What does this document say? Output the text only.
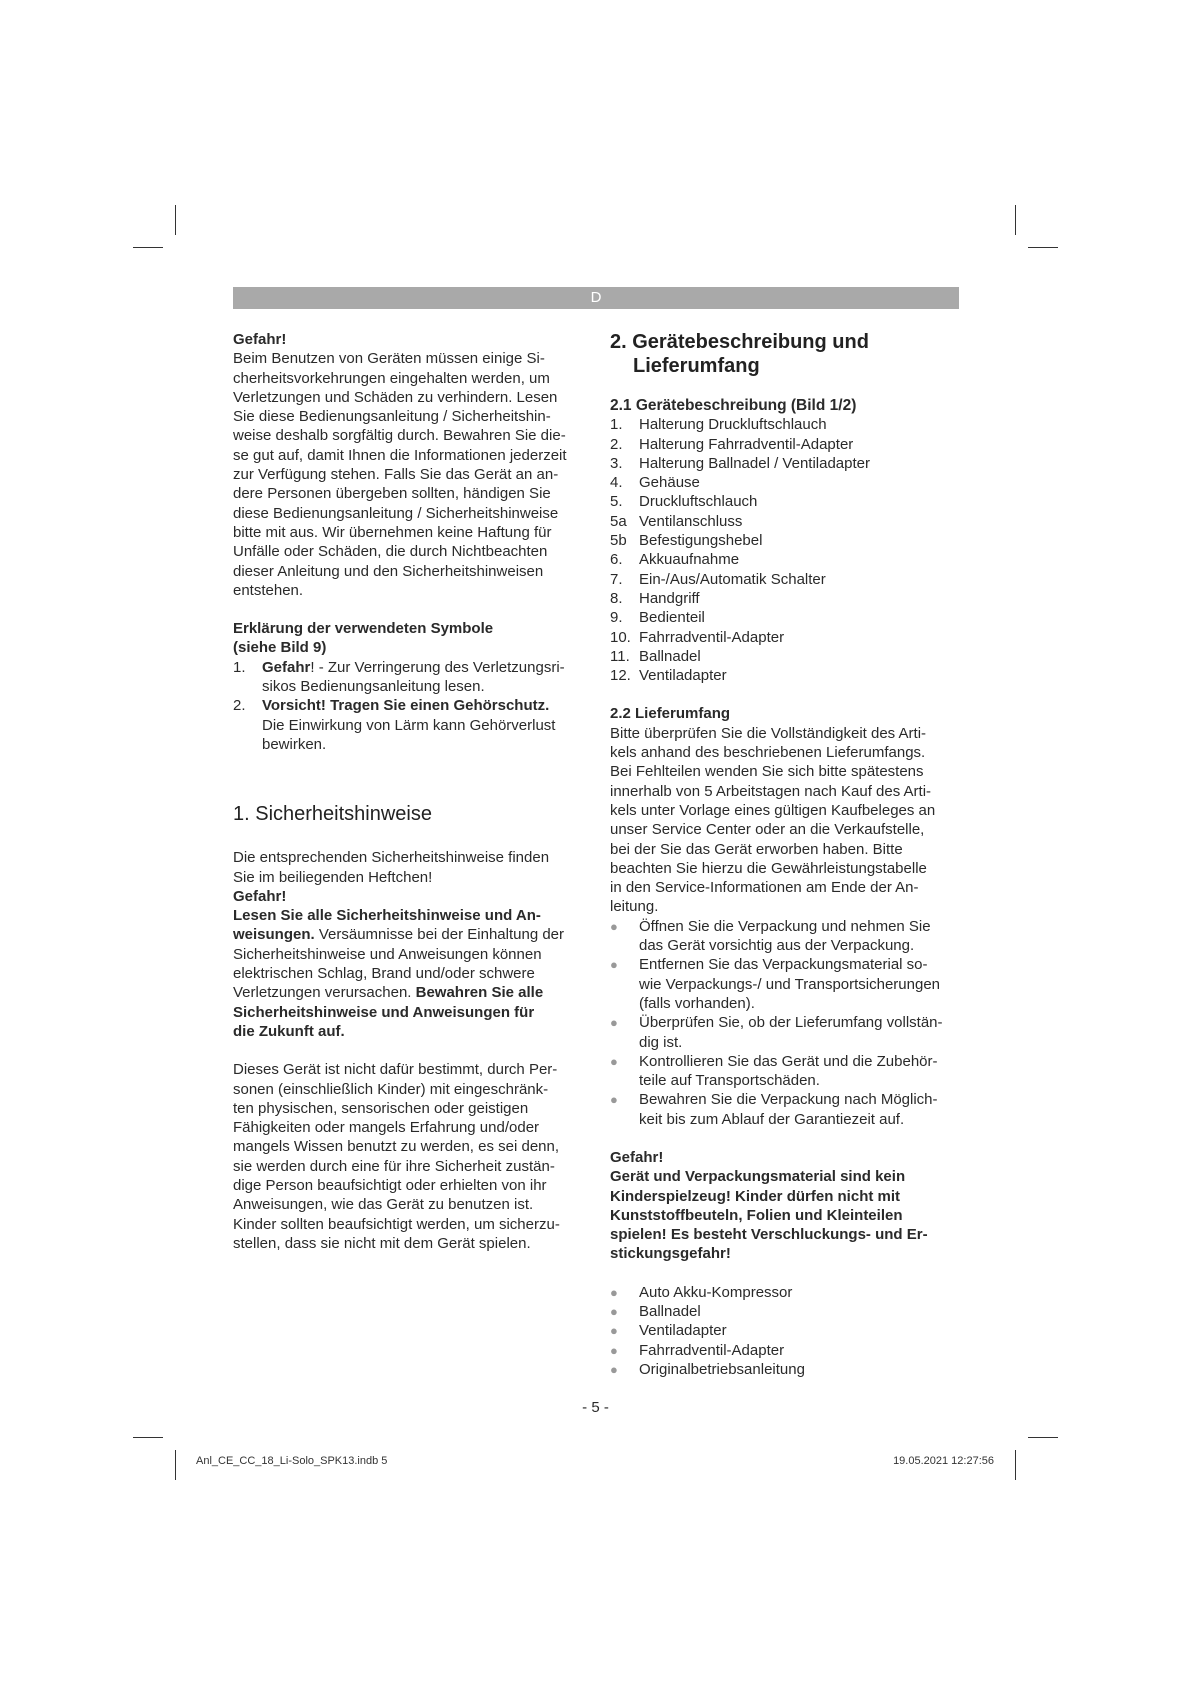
D

Gefahr!

Beim Benutzen von Geräten müssen einige Si-

cherheitsvorkehrungen eingehalten werden, um

Verletzungen und Schäden zu verhindern. Lesen

Sie diese Bedienungsanleitung / Sicherheitshin-

weise deshalb sorgfältig durch. Bewahren Sie die-

se gut auf, damit Ihnen die Informationen jederzeit

zur Verfügung stehen. Falls Sie das Gerät an an-

dere Personen übergeben sollten, händigen Sie

diese Bedienungsanleitung / Sicherheitshinweise

bitte mit aus. Wir übernehmen keine Haftung für

Unfälle oder Schäden, die durch Nichtbeachten

dieser Anleitung und den Sicherheitshinweisen

entstehen.

Erklärung der verwendeten Symbole

(siehe Bild 9)

1.	Gefahr! - Zur Verringerung des Verletzungsri-
sikos Bedienungsanleitung lesen.
2.	Vorsicht! Tragen Sie einen Gehörschutz.
Die Einwirkung von Lärm kann Gehörverlust
bewirken.

1. Sicherheitshinweise

Die entsprechenden Sicherheitshinweise finden

Sie im beiliegenden Heftchen!

Gefahr!

Lesen Sie alle Sicherheitshinweise und An-

weisungen. Versäumnisse bei der Einhaltung der

Sicherheitshinweise und Anweisungen können

elektrischen Schlag, Brand und/oder schwere

Verletzungen verursachen. Bewahren Sie alle

Sicherheitshinweise und Anweisungen für

die Zukunft auf.

Dieses Gerät ist nicht dafür bestimmt, durch Per-

sonen (einschließlich Kinder) mit eingeschränk-

ten physischen, sensorischen oder geistigen

Fähigkeiten oder mangels Erfahrung und/oder

mangels Wissen benutzt zu werden, es sei denn,

sie werden durch eine für ihre Sicherheit zustän-

dige Person beaufsichtigt oder erhielten von ihr

Anweisungen, wie das Gerät zu benutzen ist.

Kinder sollten beaufsichtigt werden, um sicherzu-

stellen, dass sie nicht mit dem Gerät spielen.

2. Gerätebeschreibung und

Lieferumfang

2.1 Gerätebeschreibung (Bild 1/2)

1.	Halterung Druckluftschlauch
2.	Halterung Fahrradventil-Adapter
3.	Halterung Ballnadel / Ventiladapter
4.	Gehäuse
5.	Druckluftschlauch
5a Ventilanschluss
5b Befestigungshebel
6.	Akkuaufnahme
7.	Ein-/Aus/Automatik Schalter
8.	Handgriff
9.	Bedienteil
10. Fahrradventil-Adapter
11. Ballnadel
12. Ventiladapter

2.2 Lieferumfang

Bitte überprüfen Sie die Vollständigkeit des Arti-

kels anhand des beschriebenen Lieferumfangs.

Bei Fehlteilen wenden Sie sich bitte spätestens

innerhalb von 5 Arbeitstagen nach Kauf des Arti-

kels unter Vorlage eines gültigen Kaufbeleges an

unser Service Center oder an die Verkaufstelle,

bei der Sie das Gerät erworben haben. Bitte

beachten Sie hierzu die Gewährleistungstabelle

in den Service-Informationen am Ende der An-

leitung.

●	Öffnen Sie die Verpackung und nehmen Sie
das Gerät vorsichtig aus der Verpackung.
●	Entfernen Sie das Verpackungsmaterial so-
wie Verpackungs-/ und Transportsicherungen
(falls vorhanden).
●	Überprüfen Sie, ob der Lieferumfang vollstän-
dig ist.
●	Kontrollieren Sie das Gerät und die Zubehör-
teile auf Transportschäden.
●	Bewahren Sie die Verpackung nach Möglich-
keit bis zum Ablauf der Garantiezeit auf.

Gefahr!

Gerät und Verpackungsmaterial sind kein

Kinderspielzeug! Kinder dürfen nicht mit

Kunststoffbeuteln, Folien und Kleinteilen

spielen! Es besteht Verschluckungs- und Er-

stickungsgefahr!

●	Auto Akku-Kompressor
●	Ballnadel
●	Ventiladapter
●	Fahrradventil-Adapter
●	Originalbetriebsanleitung
- 5 -
Anl_CE_CC_18_Li-Solo_SPK13.indb 5	19.05.2021 12:27:56
